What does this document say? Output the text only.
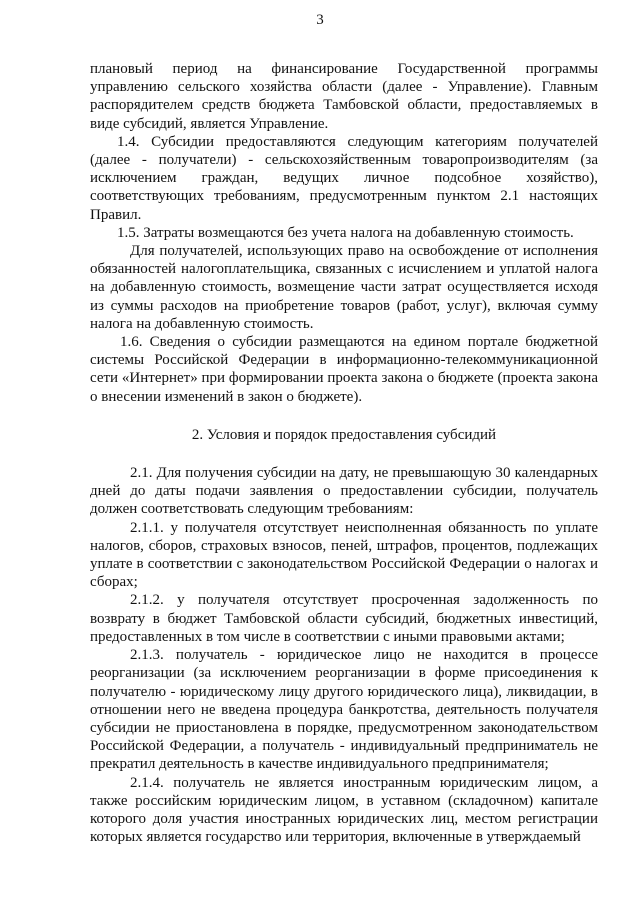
3

плановый период на финансирование Государственной программы управлению сельского хозяйства области (далее - Управление). Главным распорядителем средств бюджета Тамбовской области, предоставляемых в виде субсидий, является Управление.

1.4. Субсидии предоставляются следующим категориям получателей (далее - получатели) - сельскохозяйственным товаропроизводителям (за исключением граждан, ведущих личное подсобное хозяйство), соответствующих требованиям, предусмотренным пунктом 2.1 настоящих Правил.

1.5. Затраты возмещаются без учета налога на добавленную стоимость.

Для получателей, использующих право на освобождение от исполнения обязанностей налогоплательщика, связанных с исчислением и уплатой налога на добавленную стоимость, возмещение части затрат осуществляется исходя из суммы расходов на приобретение товаров (работ, услуг), включая сумму налога на добавленную стоимость.

1.6. Сведения о субсидии размещаются на едином портале бюджетной системы Российской Федерации в информационно-телекоммуникационной сети «Интернет» при формировании проекта закона о бюджете (проекта закона о внесении изменений в закон о бюджете).

2. Условия и порядок предоставления субсидий

2.1. Для получения субсидии на дату, не превышающую 30 календарных дней до даты подачи заявления о предоставлении субсидии, получатель должен соответствовать следующим требованиям:

2.1.1. у получателя отсутствует неисполненная обязанность по уплате налогов, сборов, страховых взносов, пеней, штрафов, процентов, подлежащих уплате в соответствии с законодательством Российской Федерации о налогах и сборах;

2.1.2. у получателя отсутствует просроченная задолженность по возврату в бюджет Тамбовской области субсидий, бюджетных инвестиций, предоставленных в том числе в соответствии с иными правовыми актами;

2.1.3. получатель - юридическое лицо не находится в процессе реорганизации (за исключением реорганизации в форме присоединения к получателю - юридическому лицу другого юридического лица), ликвидации, в отношении него не введена процедура банкротства, деятельность получателя субсидии не приостановлена в порядке, предусмотренном законодательством Российской Федерации, а получатель - индивидуальный предприниматель не прекратил деятельность в качестве индивидуального предпринимателя;

2.1.4. получатель не является иностранным юридическим лицом, а также российским юридическим лицом, в уставном (складочном) капитале которого доля участия иностранных юридических лиц, местом регистрации которых является государство или территория, включенные в утверждаемый
